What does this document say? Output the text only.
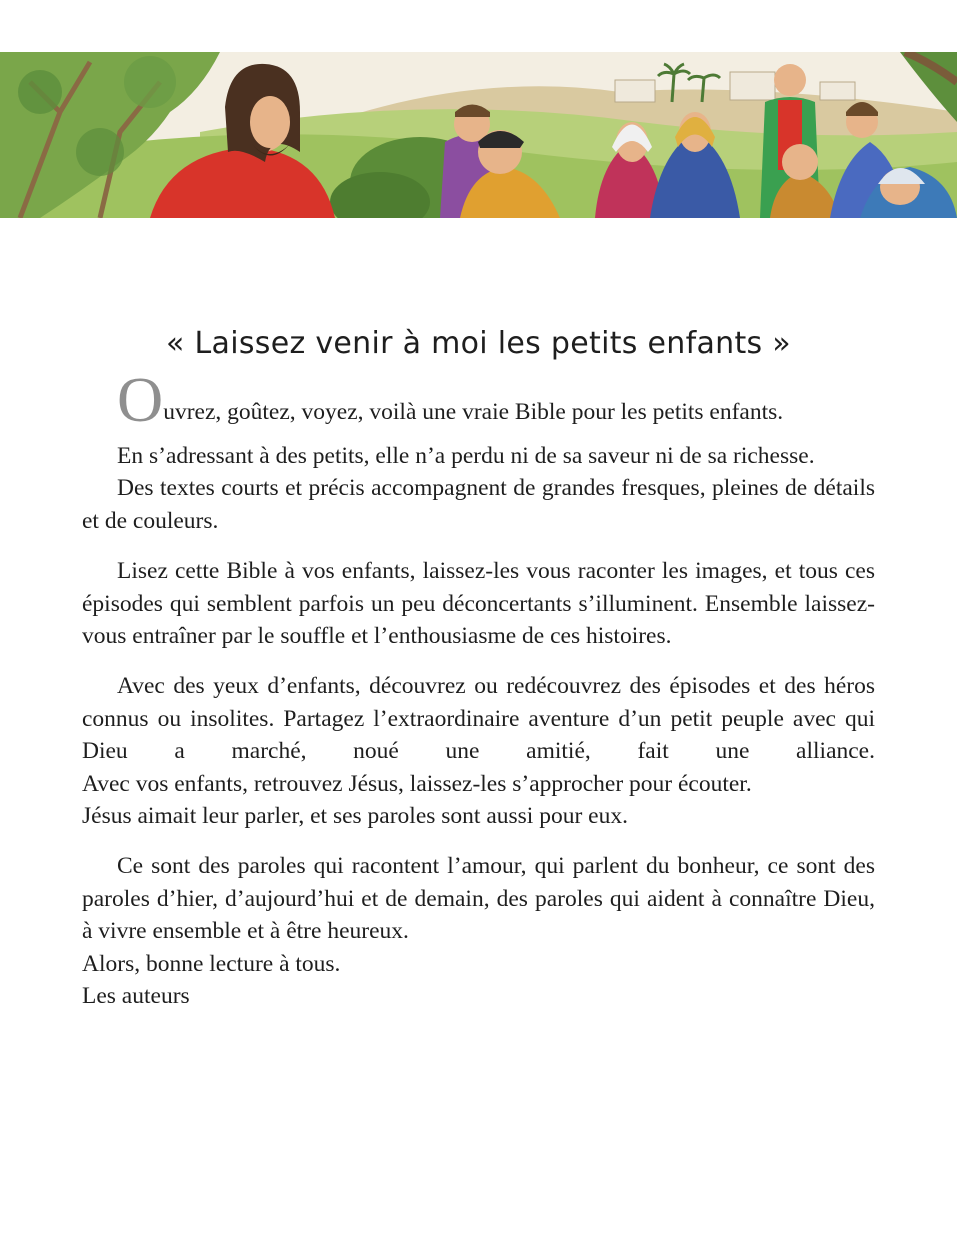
« Laissez venir à moi les petits enfants »

Ouvrez, goûtez, voyez, voilà une vraie Bible pour les petits enfants.

En s’adressant à des petits, elle n’a perdu ni de sa saveur ni de sa richesse.

Des textes courts et précis accompagnent de grandes fresques, pleines de détails et de couleurs.

Lisez cette Bible à vos enfants, laissez-les vous raconter les images, et tous ces épisodes qui semblent parfois un peu déconcertants s’illuminent. Ensemble laissez-vous entraîner par le souffle et l’enthousiasme de ces histoires.

Avec des yeux d’enfants, découvrez ou redécouvrez des épisodes et des héros connus ou insolites. Partagez l’extraordinaire aventure d’un petit peuple avec qui Dieu a marché, noué une amitié, fait une alliance.

Avec vos enfants, retrouvez Jésus, laissez-les s’approcher pour écouter.

Jésus aimait leur parler, et ses paroles sont aussi pour eux.

Ce sont des paroles qui racontent l’amour, qui parlent du bonheur, ce sont des paroles d’hier, d’aujourd’hui et de demain, des paroles qui aident à connaître Dieu, à vivre ensemble et à être heureux.

Alors, bonne lecture à tous.

Les auteurs
